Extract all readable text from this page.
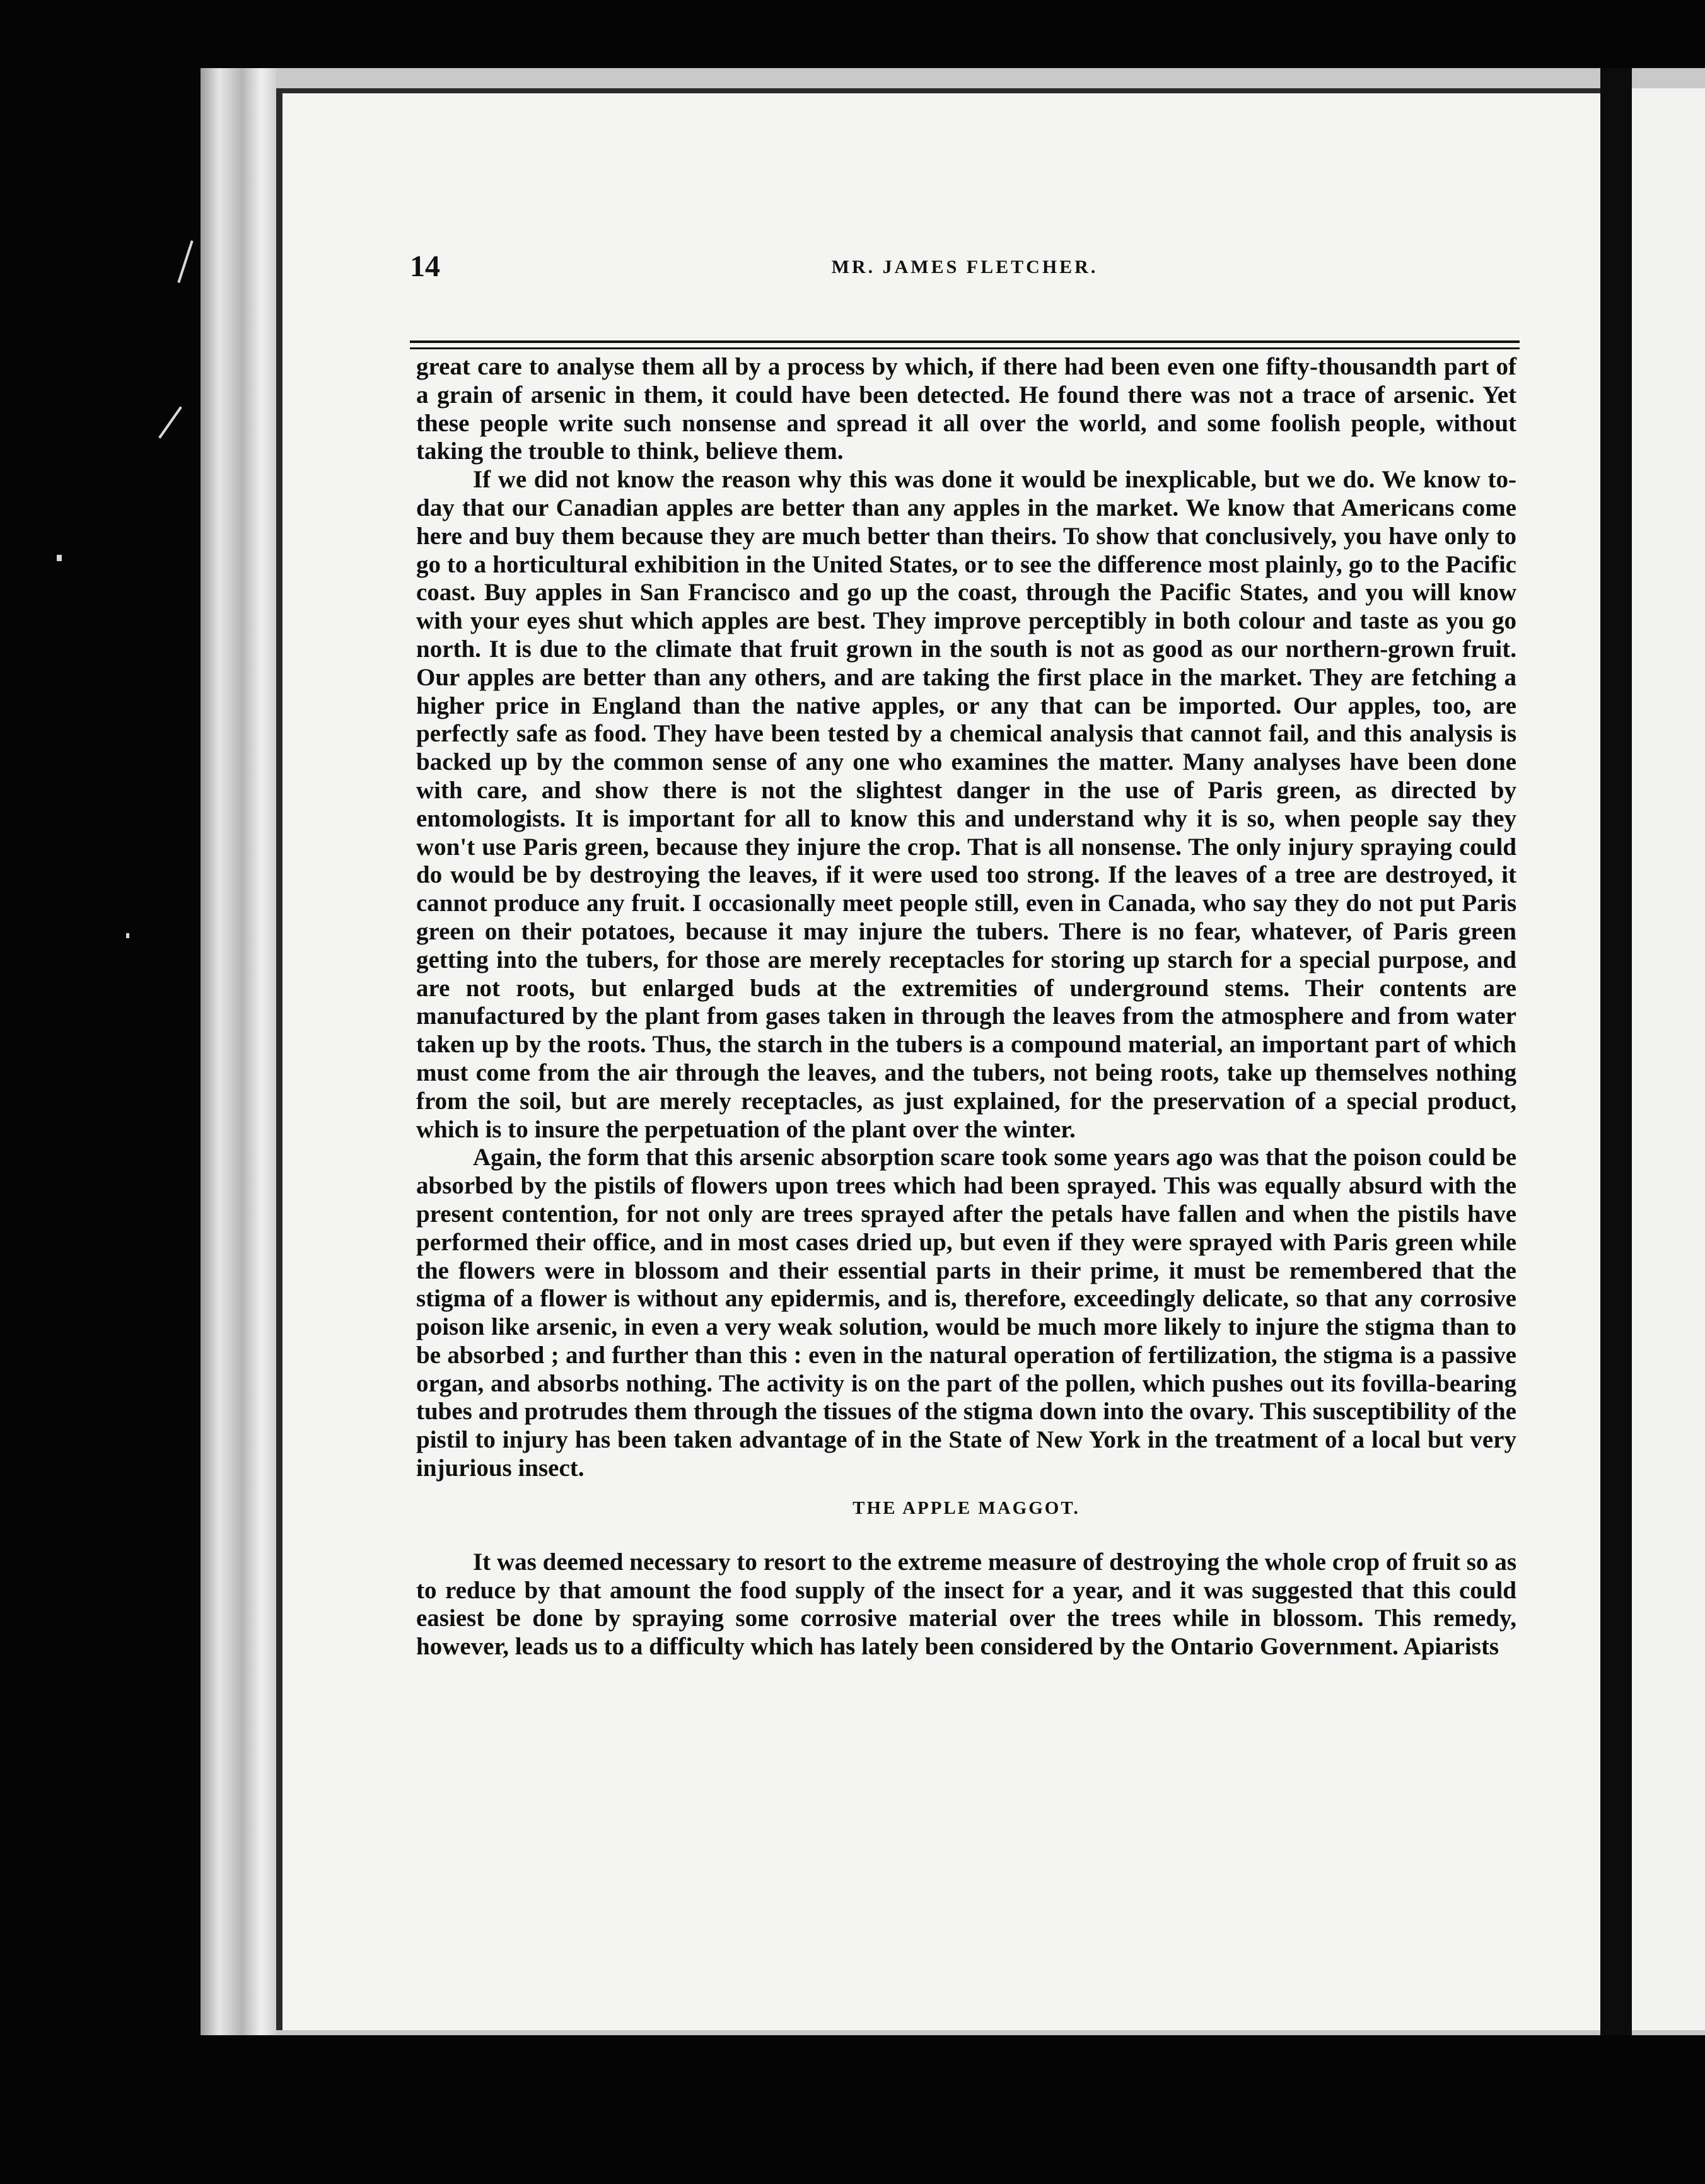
14	MR. JAMES FLETCHER.

great care to analyse them all by a process by which, if there had been even one fifty-thousandth part of a grain of arsenic in them, it could have been detected. He found there was not a trace of arsenic. Yet these people write such nonsense and spread it all over the world, and some foolish people, without taking the trouble to think, believe them.

If we did not know the reason why this was done it would be inexplicable, but we do. We know to-day that our Canadian apples are better than any apples in the market. We know that Americans come here and buy them because they are much better than theirs. To show that conclusively, you have only to go to a horticultural exhibition in the United States, or to see the difference most plainly, go to the Pacific coast. Buy apples in San Francisco and go up the coast, through the Pacific States, and you will know with your eyes shut which apples are best. They improve perceptibly in both colour and taste as you go north. It is due to the climate that fruit grown in the south is not as good as our northern-grown fruit. Our apples are better than any others, and are taking the first place in the market. They are fetching a higher price in England than the native apples, or any that can be imported. Our apples, too, are perfectly safe as food. They have been tested by a chemical analysis that cannot fail, and this analysis is backed up by the common sense of any one who examines the matter. Many analyses have been done with care, and show there is not the slightest danger in the use of Paris green, as directed by entomologists. It is important for all to know this and understand why it is so, when people say they won't use Paris green, because they injure the crop. That is all nonsense. The only injury spraying could do would be by destroying the leaves, if it were used too strong. If the leaves of a tree are destroyed, it cannot produce any fruit. I occasionally meet people still, even in Canada, who say they do not put Paris green on their potatoes, because it may injure the tubers. There is no fear, whatever, of Paris green getting into the tubers, for those are merely receptacles for storing up starch for a special purpose, and are not roots, but enlarged buds at the extremities of underground stems. Their contents are manufactured by the plant from gases taken in through the leaves from the atmosphere and from water taken up by the roots. Thus, the starch in the tubers is a compound material, an important part of which must come from the air through the leaves, and the tubers, not being roots, take up themselves nothing from the soil, but are merely receptacles, as just explained, for the preservation of a special product, which is to insure the perpetuation of the plant over the winter.

Again, the form that this arsenic absorption scare took some years ago was that the poison could be absorbed by the pistils of flowers upon trees which had been sprayed. This was equally absurd with the present contention, for not only are trees sprayed after the petals have fallen and when the pistils have performed their office, and in most cases dried up, but even if they were sprayed with Paris green while the flowers were in blossom and their essential parts in their prime, it must be remembered that the stigma of a flower is without any epidermis, and is, therefore, exceedingly delicate, so that any corrosive poison like arsenic, in even a very weak solution, would be much more likely to injure the stigma than to be absorbed ; and further than this : even in the natural operation of fertilization, the stigma is a passive organ, and absorbs nothing. The activity is on the part of the pollen, which pushes out its fovilla-bearing tubes and protrudes them through the tissues of the stigma down into the ovary. This susceptibility of the pistil to injury has been taken advantage of in the State of New York in the treatment of a local but very injurious insect.

THE APPLE MAGGOT.

It was deemed necessary to resort to the extreme measure of destroying the whole crop of fruit so as to reduce by that amount the food supply of the insect for a year, and it was suggested that this could easiest be done by spraying some corrosive material over the trees while in blossom. This remedy, however, leads us to a difficulty which has lately been considered by the Ontario Government. Apiarists
